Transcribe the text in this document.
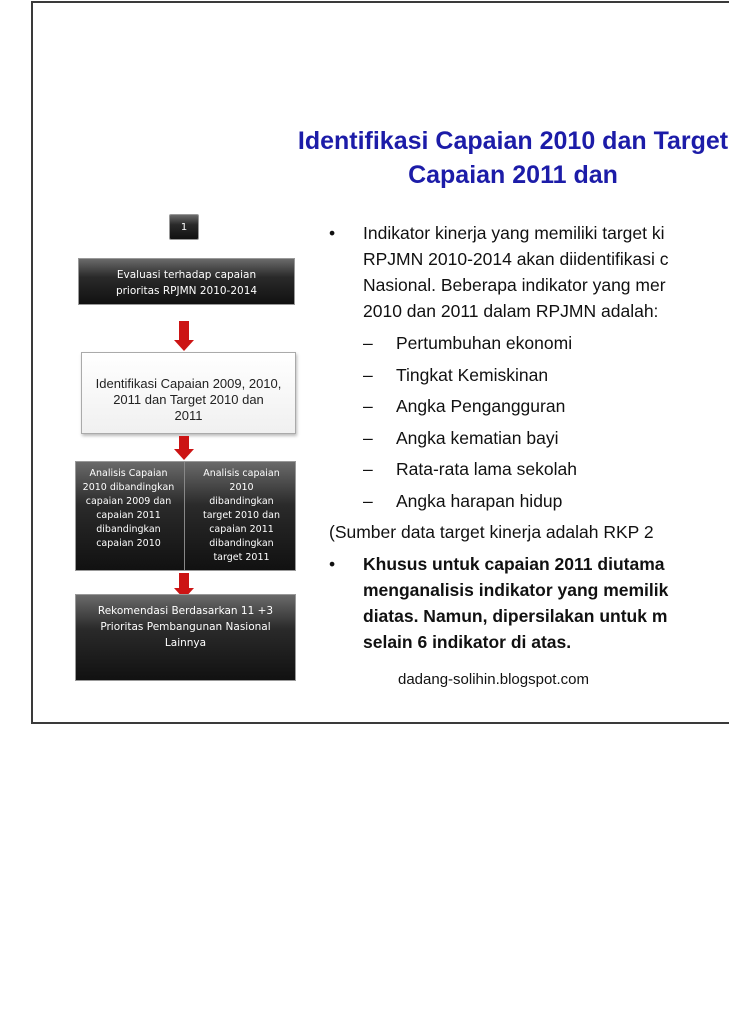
Identifikasi Capaian 2010 dan Target
Capaian 2011 dan
1
Evaluasi terhadap capaian
prioritas RPJMN 2010-2014
Identifikasi Capaian 2009, 2010,
2011 dan Target 2010 dan
2011
Analisis Capaian
2010 dibandingkan
capaian 2009 dan
capaian 2011
dibandingkan
capaian 2010
Analisis capaian
2010
dibandingkan
target 2010 dan
capaian 2011
dibandingkan
target 2011
Rekomendasi Berdasarkan 11 +3
Prioritas Pembangunan Nasional
Lainnya
• Indikator kinerja yang memiliki target ki
RPJMN 2010-2014 akan diidentifikasi c
Nasional. Beberapa indikator yang mer
2010 dan 2011 dalam RPJMN adalah:
– Pertumbuhan ekonomi
– Tingkat Kemiskinan
– Angka Pengangguran
– Angka kematian bayi
– Rata-rata lama sekolah
– Angka harapan hidup
(Sumber data target kinerja adalah RKP 2
• Khusus untuk capaian 2011 diutama
menganalisis indikator yang memilik
diatas. Namun, dipersilakan untuk m
selain 6 indikator di atas.
dadang-solihin.blogspot.com
